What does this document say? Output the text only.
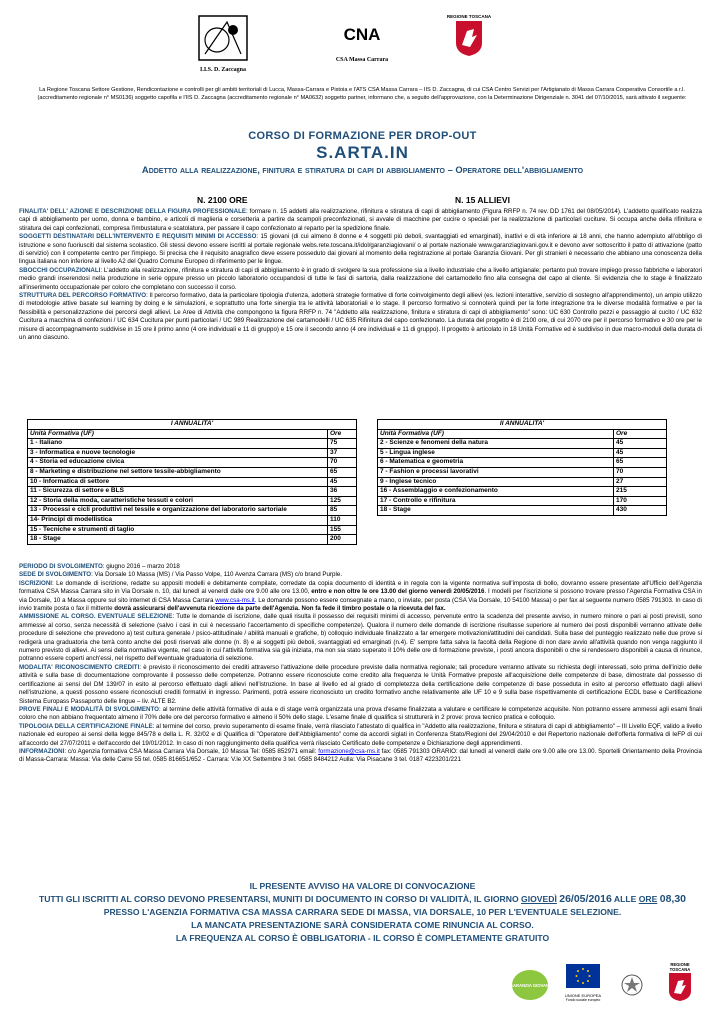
I.I.S. D. Zaccagna
CNA
CSA Massa Carrara
REGIONE TOSCANA
La Regione Toscana Settore Gestione, Rendicontazione e controlli per gli ambiti territoriali di Lucca, Massa-Carrara e Pistoia e l'ATS CSA Massa Carrara – IIS D. Zaccagna, di cui CSA Centro Servizi per l'Artigianato di Massa Carrara Cooperativa Consortile a r.l. (accreditamento regionale n° MS0136) soggetto capofila e l'IIS D. Zaccagna (accreditamento regionale n° MA0632) soggetto partner, informano che, a seguito dell'approvazione, con la Determinazione Dirigenziale n. 3041 del 07/10/2015, sarà attivato il seguente:
CORSO DI FORMAZIONE PER DROP-OUT
S.ARTA.IN
Addetto alla realizzazione, finitura e stiratura di capi di abbigliamento – Operatore dell'abbigliamento
N. 2100 ORE	N. 15 ALLIEVI

FINALITA' DELL' AZIONE E DESCRIZIONE DELLA FIGURA PROFESSIONALE: formare n. 15 addetti alla realizzazione, rifinitura e stiratura di capi di abbigliamento (Figura RRFP n. 74 rev. DD 1761 del 08/05/2014). L'addetto qualificato realizza capi di abbigliamento per uomo, donna e bambino, e articoli di maglieria e corsetteria a partire da scampoli preconfezionati, si avvale di macchine per cucire o speciali per la realizzazione di particolari cuciture. Si occupa anche della rifinitura e stiratura dei capi confezionati, compresa l'imbustatura e scatolatura, per passare il capo confezionato al reparto per la spedizione finale.

SOGGETTI DESTINATARI DELL'INTERVENTO E REQUISITI MINIMI DI ACCESSO: 15 giovani (di cui almeno 8 donne e 4 soggetti più deboli, svantaggiati ed emarginati), inattivi e di età inferiore ai 18 anni, che hanno adempiuto all'obbligo di istruzione e sono fuoriusciti dal sistema scolastico. Gli stessi devono essere iscritti al portale regionale webs.rete.toscana.it/idol/garanziagiovani/ o al portale nazionale www.garanziagiovani.gov.it e devono aver sottoscritto il patto di attivazione (patto di servizio) con il competente centro per l'impiego. Si precisa che il requisito anagrafico deve essere posseduto dai giovani al momento della registrazione al portale Garanzia Giovani. Per gli stranieri è necessario che abbiano una conoscenza della lingua italiana non inferiore al livello A2 del Quadro Comune Europeo di riferimento per le lingue.

SBOCCHI OCCUPAZIONALI: L'addetto alla realizzazione, rifinitura e stiratura di capi di abbigliamento è in grado di svolgere la sua professione sia a livello industriale che a livello artigianale; pertanto può trovare impiego presso fabbriche e laboratori medio grandi inserendosi nella produzione in serie oppure presso un piccolo laboratorio occupandosi di tutte le fasi di sartoria, dalla realizzazione del cartamodello fino alla consegna del capo al cliente. Si evidenzia che lo stage è finalizzato all'inserimento occupazionale per coloro che completano con successo il corso.

STRUTTURA DEL PERCORSO FORMATIVO: Il percorso formativo, data la particolare tipologia d'utenza, adotterà strategie formative di forte coinvolgimento degli allievi (es. lezioni interattive, servizio di sostegno all'apprendimento), un ampio utilizzo di metodologie attive basate sul learning by doing e le simulazioni, e soprattutto una forte sinergia tra le attività laboratoriali e lo stage. Il percorso formativo si connoterà quindi per la forte integrazione tra le diverse modalità formative e per la flessibilità e personalizzazione dei percorsi degli allievi. Le Aree di Attività che compongono la figura RRFP n. 74 "Addetto alla realizzazione, finitura e stiratura di capi di abbigliamento" sono: UC 630 Controllo pezzi e passaggio al cucito / UC 632 Cucitura a macchina di confezioni / UC 634 Cucitura per punti particolari / UC 989 Realizzazione dei cartamodelli / UC 635 Rifinitura del capo confezionato. La durata del progetto è di 2100 ore, di cui 2070 ore per il percorso formativo e 30 ore per le misure di accompagnamento suddivise in 15 ore il primo anno (4 ore individuali e 11 di gruppo) e 15 ore il secondo anno (4 ore individuali e 11 di gruppo). Il progetto è articolato in 18 Unità Formative ed è suddiviso in due macro-moduli della durata di un anno ciascuno.

I ANNUALITA'	
Unità Formativa (UF)	Ore
1 - Italiano	75
3 - Informatica e nuove tecnologie	37
4 - Storia ed educazione civica	70
8 - Marketing e distribuzione nel settore tessile-abbigliamento	65
10 - Informatica di settore	45
11 - Sicurezza di settore e BLS	36
12 - Storia della moda, caratteristiche tessuti e colori	125
13 - Processi e cicli produttivi nel tessile e organizzazione del laboratorio sartoriale	85
14- Principi di modellistica	110
15 - Tecniche e strumenti di taglio	155
18 - Stage	200
II ANNUALITA'	
Unità Formativa (UF)	Ore
2 - Scienze e fenomeni della natura	45
5 - Lingua inglese	45
6 - Matematica e geometria	65
7 - Fashion e processi lavorativi	70
9 - Inglese tecnico	27
16 - Assemblaggio e confezionamento	215
17 - Controllo e rifinitura	170
18 - Stage	430

PERIODO DI SVOLGIMENTO: giugno 2016 – marzo 2018

SEDE DI SVOLGIMENTO: Via Dorsale 10 Massa (MS) / Via Passo Volpe, 110 Avenza Carrara (MS) c/o brand Purple.

ISCRIZIONI: Le domande di iscrizione, redatte su appositi modelli e debitamente compilate, corredate da copia documento di identità e in regola con la vigente normativa sull'imposta di bollo, dovranno essere presentate all'Ufficio dell'Agenzia formativa CSA Massa Carrara sito in Via Dorsale n. 10, dal lunedì al venerdì dalle ore 9.00 alle ore 13.00, entro e non oltre le ore 13.00 del giorno venerdì 20/05/2016. I modelli per l'iscrizione si possono trovare presso l'Agenzia Formativa CSA in via Dorsale, 10 a Massa oppure sul sito internet di CSA Massa Carrara www.csa-ms.it. Le domande possono essere consegnate a mano, o inviate, per posta (CSA Via Dorsale, 10 54100 Massa) o per fax al seguente numero 0585 791303. In caso di invio tramite posta o fax il mittente dovrà assicurarsi dell'avvenuta ricezione da parte dell'Agenzia. Non fa fede il timbro postale o la ricevuta del fax.

AMMISSIONE AL CORSO. EVENTUALE SELEZIONE: Tutte le domande di iscrizione, dalle quali risulta il possesso dei requisiti minimi di accesso, pervenute entro la scadenza del presente avviso, in numero minore o pari ai posti previsti, sono ammesse al corso, senza necessità di selezione (salvo i casi in cui è necessario l'accertamento di specifiche competenze). Qualora il numero delle domande di iscrizione risultasse superiore al numero dei posti disponibili verranno attivate delle procedure di selezione che prevedono a) test cultura generale / psico-attitudinale / abilità manuali e grafiche, b) colloquio individuale finalizzato a far emergere motivazioni/attitudini dei candidati. Sulla base del punteggio realizzato nelle due prove si redigerà una graduatoria che terrà conto anche dei posti riservati alle donne (n. 8) e ai soggetti più deboli, svantaggiati ed emarginati (n.4). E' sempre fatta salva la facoltà della Regione di non dare avvio all'attività quando non venga raggiunto il numero previsto di allievi. Ai sensi della normativa vigente, nel caso in cui l'attività formativa sia già iniziata, ma non sia stato superato il 10% delle ore di formazione previste, i posti ancora disponibili o che si rendessero disponibili a causa di rinunce, potranno essere coperti anch'essi, nel rispetto dell'eventuale graduatoria di selezione.

MODALITA' RICONOSCIMENTO CREDITI: è previsto il riconoscimento dei crediti attraverso l'attivazione delle procedure previste dalla normativa regionale; tali procedure verranno attivate su richiesta degli interessati, solo prima dell'inizio delle attività e sulla base di documentazione comprovante il possesso delle competenze. Potranno essere riconosciute come credito alla frequenza le Unità Formative preposte all'acquisizione delle competenze di base, dimostrate dal possesso di certificazione ai sensi del DM 139/07 in esito al percorso effettuato dagli allievi nell'istruzione. In base al livello ed al grado di completezza della certificazione delle competenze di base posseduta in esito al percorso effettuato dagli allievi nell'istruzione, a questi possono essere riconosciuti crediti formativi in ingresso. Parimenti, potrà essere riconosciuto un credito formativo anche relativamente alle UF 10 e 9 sulla base rispettivamente di certificazione ECDL base e Certificazione Sistema Europass Passaporto delle lingue – liv. ALTE B2.

PROVE FINALI E MODALITÀ DI SVOLGIMENTO: al termine delle attività formative di aula e di stage verrà organizzata una prova d'esame finalizzata a valutare e certificare le competenze acquisite. Non potranno essere ammessi agli esami finali coloro che non abbiano frequentato almeno il 70% delle ore del percorso formativo e almeno il 50% dello stage. L'esame finale di qualifica si strutturerà in 2 prove: prova tecnico pratica e colloquio.

TIPOLOGIA DELLA CERTIFICAZIONE FINALE: al termine del corso, previo superamento di esame finale, verrà rilasciato l'attestato di qualifica in "Addetto alla realizzazione, finitura e stiratura di capi di abbigliamento" – III Livello EQF, valido a livello nazionale ed europeo ai sensi della legge 845/78 e della L. R. 32/02 e di Qualifica di "Operatore dell'Abbigliamento" come da accordi siglati in Conferenza Stato/Regioni del 29/04/2010 e del Repertorio nazionale dell'offerta formativa di IeFP di cui all'accordo del 27/07/2011 e dell'accordo del 19/01/2012. In caso di non raggiungimento della qualifica verrà rilasciato Certificato delle competenze e Dichiarazione degli apprendimenti.

INFORMAZIONI: c/o Agenzia formativa CSA Massa Carrara Via Dorsale, 10 Massa Tel: 0585 852971 email: formazione@csa-ms.it fax: 0585 791303 ORARIO: dal lunedì al venerdì dalle ore 9.00 alle ore 13.00. Sportelli Orientamento della Provincia di Massa-Carrara: Massa: Via delle Carre 55 tel. 0585 816651/652 - Carrara: V.le XX Settembre 3 tel. 0585 8484212 Aulla: Via Pisacane 3 tel. 0187 4223201/221

IL PRESENTE AVVISO HA VALORE DI CONVOCAZIONE
TUTTI GLI ISCRITTI AL CORSO DEVONO PRESENTARSI, MUNITI DI DOCUMENTO IN CORSO DI VALIDITÀ, IL GIORNO GIOVEDÌ 26/05/2016 ALLE ORE 08,30
PRESSO L'AGENZIA FORMATIVA CSA MASSA CARRARA SEDE DI MASSA, VIA DORSALE, 10 PER L'EVENTUALE SELEZIONE.
LA MANCATA PRESENTAZIONE SARÀ CONSIDERATA COME RINUNCIA AL CORSO.
LA FREQUENZA AL CORSO È OBBLIGATORIA - IL CORSO È COMPLETAMENTE GRATUITO
GARANZIA GIOVANI
UNIONE EUROPEA
Fondo sociale europeo
REGIONE TOSCANA
